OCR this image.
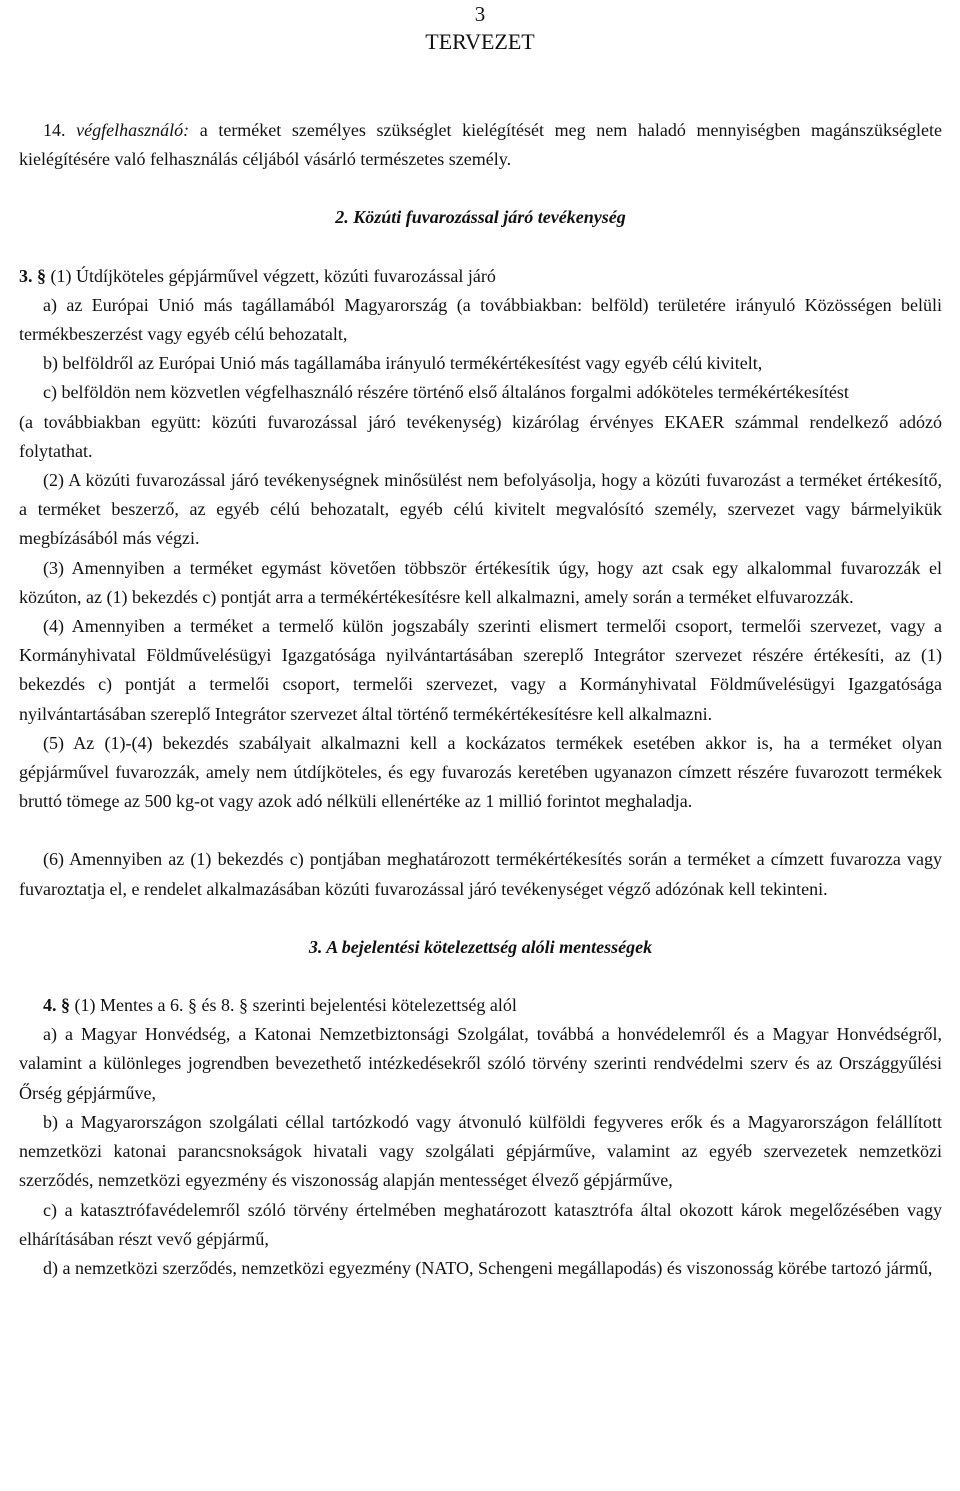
3
TERVEZET

14. végfelhasználó: a terméket személyes szükséglet kielégítését meg nem haladó mennyiségben magánszükséglete kielégítésére való felhasználás céljából vásárló természetes személy.

2. Közúti fuvarozással járó tevékenység

3. § (1) Útdíjköteles gépjárművel végzett, közúti fuvarozással járó

a) az Európai Unió más tagállamából Magyarország (a továbbiakban: belföld) területére irányuló Közösségen belüli termékbeszerzést vagy egyéb célú behozatalt,

b) belföldről az Európai Unió más tagállamába irányuló termékértékesítést vagy egyéb célú kivitelt,

c) belföldön nem közvetlen végfelhasználó részére történő első általános forgalmi adóköteles termékértékesítést

(a továbbiakban együtt: közúti fuvarozással járó tevékenység) kizárólag érvényes EKAER számmal rendelkező adózó folytathat.

(2) A közúti fuvarozással járó tevékenységnek minősülést nem befolyásolja, hogy a közúti fuvarozást a terméket értékesítő, a terméket beszerző, az egyéb célú behozatalt, egyéb célú kivitelt megvalósító személy, szervezet vagy bármelyikük megbízásából más végzi.

(3) Amennyiben a terméket egymást követően többször értékesítik úgy, hogy azt csak egy alkalommal fuvarozzák el közúton, az (1) bekezdés c) pontját arra a termékértékesítésre kell alkalmazni, amely során a terméket elfuvarozzák.

(4) Amennyiben a terméket a termelő külön jogszabály szerinti elismert termelői csoport, termelői szervezet, vagy a Kormányhivatal Földművelésügyi Igazgatósága nyilvántartásában szereplő Integrátor szervezet részére értékesíti, az (1) bekezdés c) pontját a termelői csoport, termelői szervezet, vagy a Kormányhivatal Földművelésügyi Igazgatósága nyilvántartásában szereplő Integrátor szervezet által történő termékértékesítésre kell alkalmazni.

(5) Az (1)-(4) bekezdés szabályait alkalmazni kell a kockázatos termékek esetében akkor is, ha a terméket olyan gépjárművel fuvarozzák, amely nem útdíjköteles, és egy fuvarozás keretében ugyanazon címzett részére fuvarozott termékek bruttó tömege az 500 kg-ot vagy azok adó nélküli ellenértéke az 1 millió forintot meghaladja.

(6) Amennyiben az (1) bekezdés c) pontjában meghatározott termékértékesítés során a terméket a címzett fuvarozza vagy fuvaroztatja el, e rendelet alkalmazásában közúti fuvarozással járó tevékenységet végző adózónak kell tekinteni.

3. A bejelentési kötelezettség alóli mentességek

4. § (1) Mentes a 6. § és 8. § szerinti bejelentési kötelezettség alól

a) a Magyar Honvédség, a Katonai Nemzetbiztonsági Szolgálat, továbbá a honvédelemről és a Magyar Honvédségről, valamint a különleges jogrendben bevezethető intézkedésekről szóló törvény szerinti rendvédelmi szerv és az Országgyűlési Őrség gépjárműve,

b) a Magyarországon szolgálati céllal tartózkodó vagy átvonuló külföldi fegyveres erők és a Magyarországon felállított nemzetközi katonai parancsnokságok hivatali vagy szolgálati gépjárműve, valamint az egyéb szervezetek nemzetközi szerződés, nemzetközi egyezmény és viszonosság alapján mentességet élvező gépjárműve,

c) a katasztrófavédelemről szóló törvény értelmében meghatározott katasztrófa által okozott károk megelőzésében vagy elhárításában részt vevő gépjármű,

d) a nemzetközi szerződés, nemzetközi egyezmény (NATO, Schengeni megállapodás) és viszonosság körébe tartozó jármű,
